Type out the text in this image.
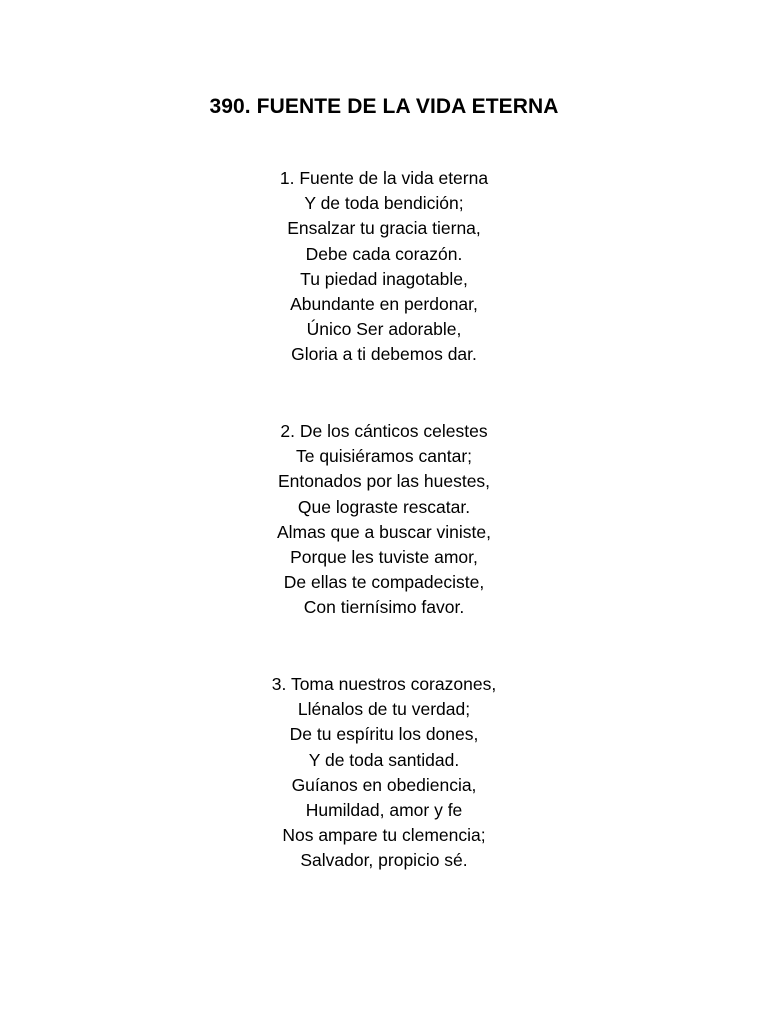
390. FUENTE DE LA VIDA ETERNA
1. Fuente de la vida eterna
Y de toda bendición;
Ensalzar tu gracia tierna,
Debe cada corazón.
Tu piedad inagotable,
Abundante en perdonar,
Único Ser adorable,
Gloria a ti debemos dar.
2. De los cánticos celestes
Te quisiéramos cantar;
Entonados por las huestes,
Que lograste rescatar.
Almas que a buscar viniste,
Porque les tuviste amor,
De ellas te compadeciste,
Con tiernísimo favor.
3. Toma nuestros corazones,
Llénalos de tu verdad;
De tu espíritu los dones,
Y de toda santidad.
Guíanos en obediencia,
Humildad, amor y fe
Nos ampare tu clemencia;
Salvador, propicio sé.
